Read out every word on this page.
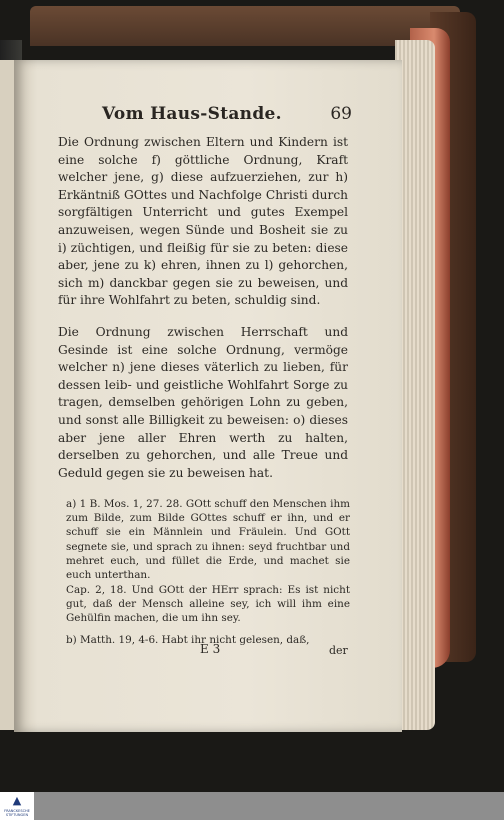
Vom Haus-Stande.	69

Die Ordnung zwischen Eltern und Kindern ist eine solche f) göttliche Ordnung, Kraft welcher jene, g) diese aufzuerziehen, zur h) Erkäntniß GOttes und Nachfolge Christi durch sorgfältigen Unterricht und gutes Exempel anzuweisen, wegen Sünde und Bosheit sie zu i) züchtigen, und fleißig für sie zu beten: diese aber, jene zu k) ehren, ihnen zu l) gehorchen, sich m) danckbar gegen sie zu beweisen, und für ihre Wohlfahrt zu beten, schuldig sind.

Die Ordnung zwischen Herrschaft und Gesinde ist eine solche Ordnung, vermöge welcher n) jene dieses väterlich zu lieben, für dessen leib- und geistliche Wohlfahrt Sorge zu tragen, demselben gehörigen Lohn zu geben, und sonst alle Billigkeit zu beweisen: o) dieses aber jene aller Ehren werth zu halten, derselben zu gehorchen, und alle Treue und Geduld gegen sie zu beweisen hat.

a) 1 B. Mos. 1, 27. 28. GOtt schuff den Menschen ihm zum Bilde, zum Bilde GOttes schuff er ihn, und er schuff sie ein Männlein und Fräulein. Und GOtt segnete sie, und sprach zu ihnen: seyd fruchtbar und mehret euch, und füllet die Erde, und machet sie euch unterthan.

Cap. 2, 18. Und GOtt der HErr sprach: Es ist nicht gut, daß der Mensch alleine sey, ich will ihm eine Gehülfin machen, die um ihn sey.

b) Matth. 19, 4-6. Habt ihr nicht gelesen, daß,

E 3	der
▲
FRANCKESCHE STIFTUNGEN
